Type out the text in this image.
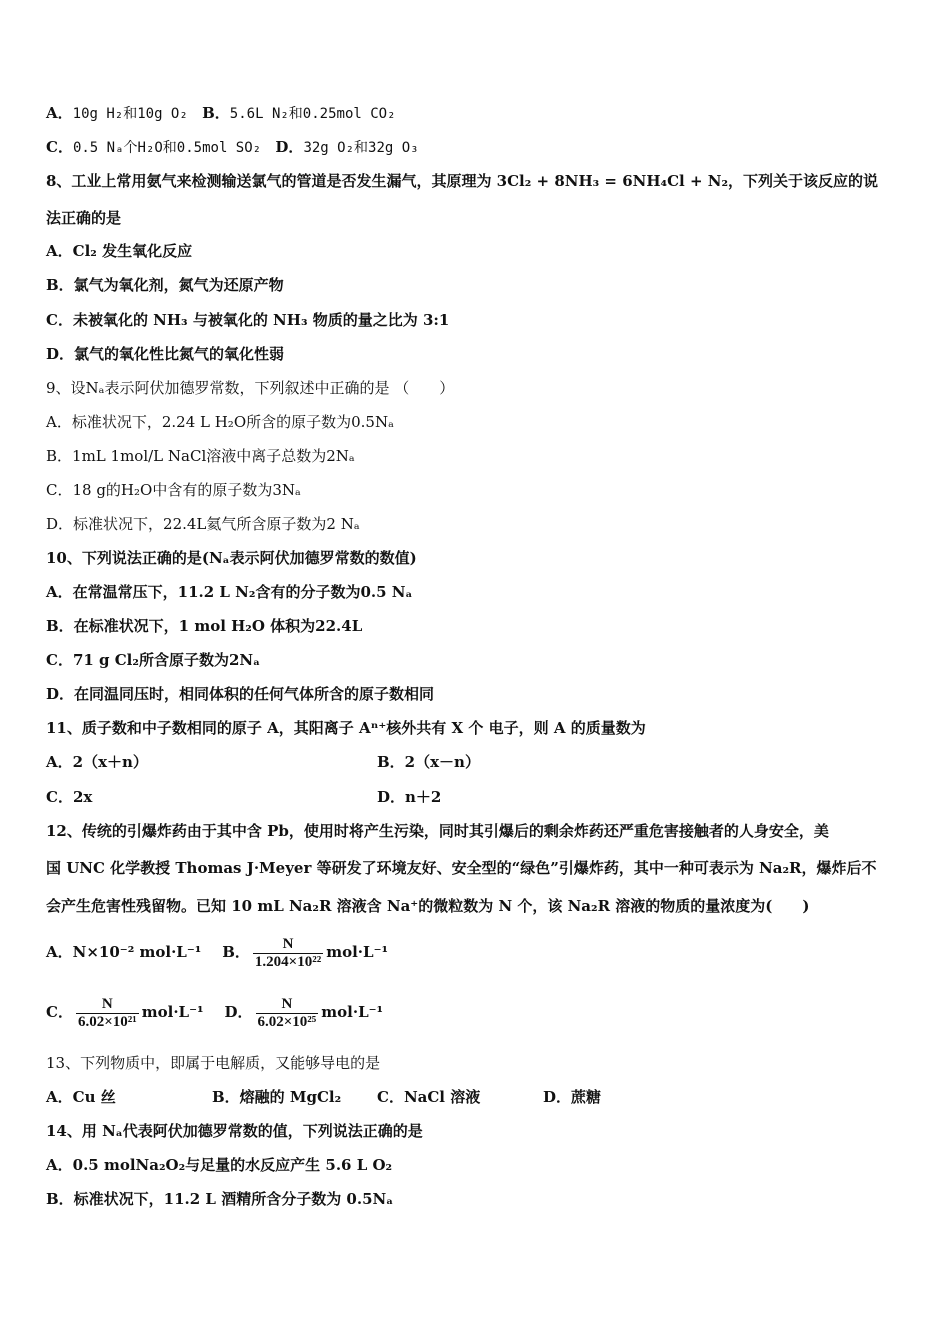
A．10g H₂和10g O₂ B．5.6L N₂和0.25mol CO₂
C．0.5 Nₐ个H₂O和0.5mol SO₂ D．32g O₂和32g O₃
8、工业上常用氨气来检测输送氯气的管道是否发生漏气，其原理为 3Cl₂ + 8NH₃ = 6NH₄Cl + N₂，下列关于该反应的说
法正确的是
A．Cl₂ 发生氧化反应
B．氯气为氧化剂，氮气为还原产物
C．未被氧化的 NH₃ 与被氧化的 NH₃ 物质的量之比为 3:1
D．氯气的氧化性比氮气的氧化性弱
9、设Nₐ表示阿伏加德罗常数，下列叙述中正确的是 （　　）
A．标准状况下，2.24 L H₂O所含的原子数为0.5Nₐ
B．1mL 1mol/L NaCl溶液中离子总数为2Nₐ
C．18 g的H₂O中含有的原子数为3Nₐ
D．标准状况下，22.4L氦气所含原子数为2 Nₐ
10、下列说法正确的是(Nₐ表示阿伏加德罗常数的数值)
A．在常温常压下，11.2 L N₂含有的分子数为0.5 Nₐ
B．在标准状况下，1 mol H₂O 体积为22.4L
C．71 g Cl₂所含原子数为2Nₐ
D．在同温同压时，相同体积的任何气体所含的原子数相同
11、质子数和中子数相同的原子 A，其阳离子 Aⁿ⁺核外共有 X 个 电子，则 A 的质量数为
A．2（x＋n）	B．2（x－n）
C．2x	D．n＋2
12、传统的引爆炸药由于其中含 Pb，使用时将产生污染，同时其引爆后的剩余炸药还严重危害接触者的人身安全，美
国 UNC 化学教授 Thomas J·Meyer 等研发了环境友好、安全型的“绿色”引爆炸药，其中一种可表示为 Na₂R，爆炸后不
会产生危害性残留物。已知 10 mL Na₂R 溶液含 Na⁺的微粒数为 N 个，该 Na₂R 溶液的物质的量浓度为(　　)
A．N×10⁻² mol·L⁻¹ B． $\frac{N}{\text{1.204×10²²}} mol\cdot L^{-1}$
C． $\frac{N}{\text{6.02×10²¹}} mol\cdot L^{-1}$ D． $\frac{N}{\text{6.02×10²⁵}} mol\cdot L^{-1}$
13、下列物质中，即属于电解质，又能够导电的是
A．Cu 丝	B．熔融的 MgCl₂ C．NaCl 溶液	D．蔗糖
14、用 Nₐ代表阿伏加德罗常数的值，下列说法正确的是
A．0.5 molNa₂O₂与足量的水反应产生 5.6 L O₂
B．标准状况下，11.2 L 酒精所含分子数为 0.5Nₐ
